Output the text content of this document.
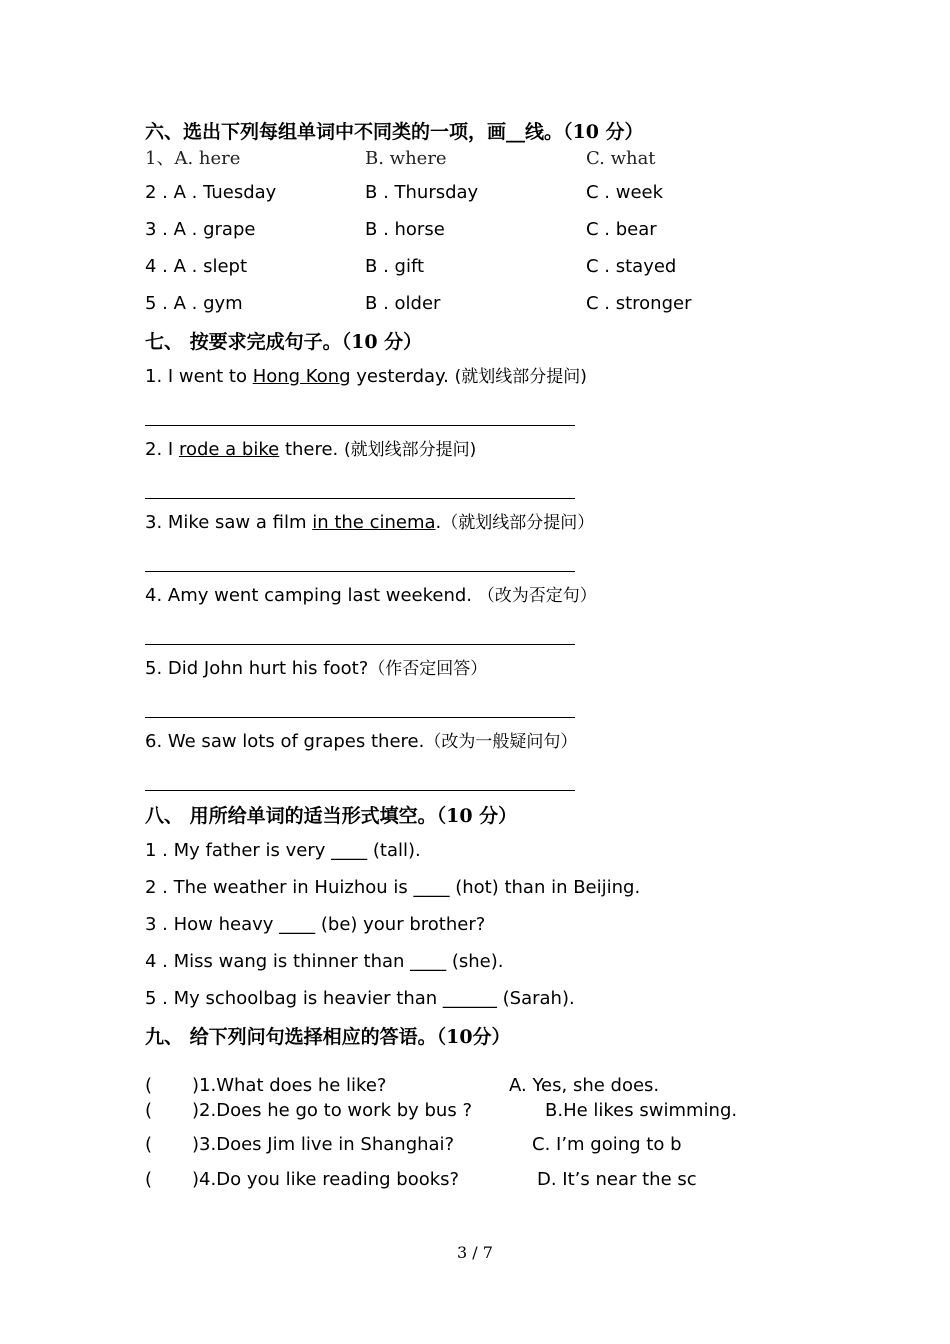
六、选出下列每组单词中不同类的一项，画__线。（10 分）
1、A. here	B. where	C. what
2 . A . Tuesday	B . Thursday	C . week
3 . A . grape	B . horse	C . bear
4 . A . slept	B . gift	C . stayed
5 . A . gym	B . older	C . stronger
七、 按要求完成句子。（10 分）
1. I went to Hong Kong yesterday. (就划线部分提问)
2. I rode a bike there. (就划线部分提问)
3. Mike saw a film in the cinema.（就划线部分提问）
4. Amy went camping last weekend. （改为否定句）
5. Did John hurt his foot?（作否定回答）
6. We saw lots of grapes there.（改为一般疑问句）
八、 用所给单词的适当形式填空。（10 分）
1 . My father is very ____ (tall).
2 . The weather in Huizhou is ____ (hot) than in Beijing.
3 . How heavy ____ (be) your brother?
4 . Miss wang is thinner than ____ (she).
5 . My schoolbag is heavier than ______ (Sarah).
九、 给下列问句选择相应的答语。（10分）
( )1.What does he like?	A. Yes, she does.
( )2.Does he go to work by bus ?	B.He likes swimming.
( )3.Does Jim live in Shanghai?	C. I’m going to b
( )4.Do you like reading books?	D. It’s near the sc
3 / 7
